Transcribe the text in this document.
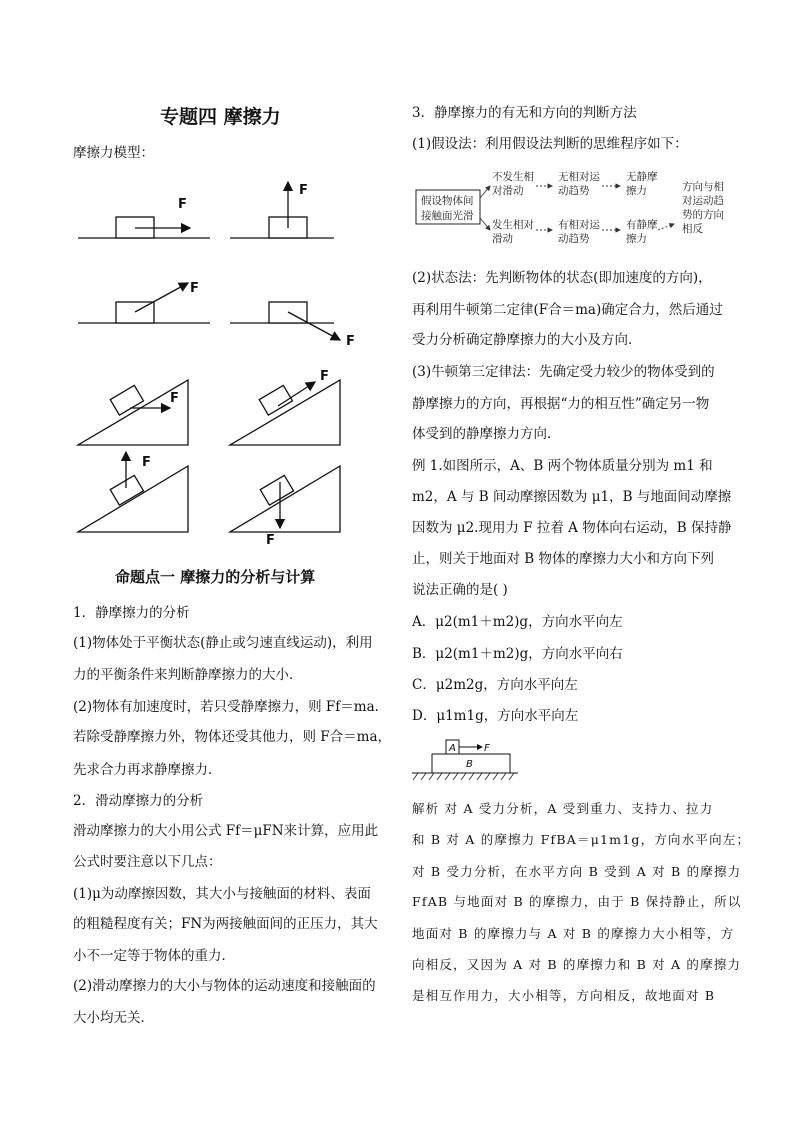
专题四 摩擦力
摩擦力模型：
F
F
F
F
F
F
F
F
命题点一 摩擦力的分析与计算
1．静摩擦力的分析
(1)物体处于平衡状态(静止或匀速直线运动)，利用
力的平衡条件来判断静摩擦力的大小．
(2)物体有加速度时，若只受静摩擦力，则 Ff＝ma.
若除受静摩擦力外，物体还受其他力，则 F合＝ma，
先求合力再求静摩擦力．
2．滑动摩擦力的分析
滑动摩擦力的大小用公式 Ff＝μFN来计算，应用此
公式时要注意以下几点：
(1)μ为动摩擦因数，其大小与接触面的材料、表面
的粗糙程度有关；FN为两接触面间的正压力，其大
小不一定等于物体的重力．
(2)滑动摩擦力的大小与物体的运动速度和接触面的
大小均无关．
3．静摩擦力的有无和方向的判断方法
(1)假设法：利用假设法判断的思维程序如下：
(2)状态法：先判断物体的状态(即加速度的方向)，
再利用牛顿第二定律(F合＝ma)确定合力，然后通过
受力分析确定静摩擦力的大小及方向．
(3)牛顿第三定律法：先确定受力较少的物体受到的
静摩擦力的方向，再根据“力的相互性”确定另一物
体受到的静摩擦力方向．
例 1.如图所示，A、B 两个物体质量分别为 m1 和
m2，A 与 B 间动摩擦因数为 μ1，B 与地面间动摩擦
因数为 μ2.现用力 F 拉着 A 物体向右运动，B 保持静
止，则关于地面对 B 物体的摩擦力大小和方向下列
说法正确的是( )
A．μ2(m1＋m2)g，方向水平向左
B．μ2(m1＋m2)g，方向水平向右
C．μ2m2g，方向水平向左
D．μ1m1g，方向水平向左
假设物体间
接触面光滑
不发生相
对滑动
无相对运
动趋势
无静摩
擦力
发生相对
滑动
有相对运
动趋势
有静摩
擦力
方向与相
对运动趋
势的方向
相反
A
B
F
解析 对 A 受力分析，A 受到重力、支持力、拉力
和 B 对 A 的摩擦力 FfBA＝μ1m1g，方向水平向左；
对 B 受力分析，在水平方向 B 受到 A 对 B 的摩擦力
FfAB 与地面对 B 的摩擦力，由于 B 保持静止，所以
地面对 B 的摩擦力与 A 对 B 的摩擦力大小相等，方
向相反，又因为 A 对 B 的摩擦力和 B 对 A 的摩擦力
是相互作用力，大小相等，方向相反，故地面对 B
